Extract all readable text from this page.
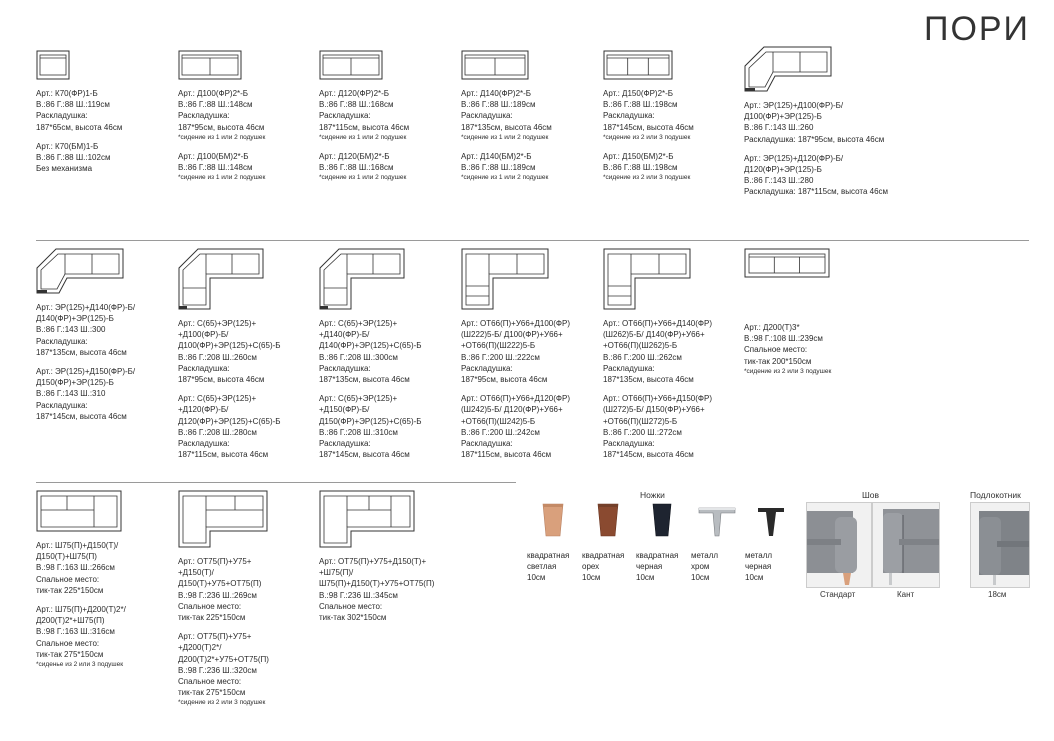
ПОРИ
Арт.: К70(ФР)1-Б
В.:86 Г.:88 Ш.:119см
Раскладушка:
187*65см, высота 46см
Арт.: К70(БМ)1-Б
В.:86 Г.:88 Ш.:102см
Без механизма
Арт.: Д100(ФР)2*-Б
В.:86 Г.:88 Ш.:148см
Раскладушка:
187*95см, высота 46см
*сидение из 1 или 2 подушек
Арт.: Д100(БМ)2*-Б
В.:86 Г.:88 Ш.:148см
*сидение из 1 или 2 подушек
Арт.: Д120(ФР)2*-Б
В.:86 Г.:88 Ш.:168см
Раскладушка:
187*115см, высота 46см
*сидение из 1 или 2 подушек
Арт.: Д120(БМ)2*-Б
В.:86 Г.:88 Ш.:168см
*сидение из 1 или 2 подушек
Арт.: Д140(ФР)2*-Б
В.:86 Г.:88 Ш.:189см
Раскладушка:
187*135см, высота 46см
*сидение из 1 или 2 подушек
Арт.: Д140(БМ)2*-Б
В.:86 Г.:88 Ш.:189см
*сидение из 1 или 2 подушек
Арт.: Д150(ФР)2*-Б
В.:86 Г.:88 Ш.:198см
Раскладушка:
187*145см, высота 46см
*сидение из 2 или 3 подушек
Арт.: Д150(БМ)2*-Б
В.:86 Г.:88 Ш.:198см
*сидение из 2 или 3 подушек
Арт.: ЭР(125)+Д100(ФР)-Б/
Д100(ФР)+ЭР(125)-Б
В.:86 Г.:143 Ш.:260
Раскладушка: 187*95см, высота 46см
Арт.: ЭР(125)+Д120(ФР)-Б/
Д120(ФР)+ЭР(125)-Б
В.:86 Г.:143 Ш.:280
Раскладушка: 187*115см, высота 46см
Арт.: ЭР(125)+Д140(ФР)-Б/
Д140(ФР)+ЭР(125)-Б
В.:86 Г.:143 Ш.:300
Раскладушка:
187*135см, высота 46см
Арт.: ЭР(125)+Д150(ФР)-Б/
Д150(ФР)+ЭР(125)-Б
В.:86 Г.:143 Ш.:310
Раскладушка:
187*145см, высота 46см
Арт.: С(65)+ЭР(125)+
+Д100(ФР)-Б/
Д100(ФР)+ЭР(125)+С(65)-Б
В.:86 Г.:208 Ш.:260см
Раскладушка:
187*95см, высота 46см
Арт.: С(65)+ЭР(125)+
+Д120(ФР)-Б/
Д120(ФР)+ЭР(125)+С(65)-Б
В.:86 Г.:208 Ш.:280см
Раскладушка:
187*115см, высота 46см
Арт.: С(65)+ЭР(125)+
+Д140(ФР)-Б/
Д140(ФР)+ЭР(125)+С(65)-Б
В.:86 Г.:208 Ш.:300см
Раскладушка:
187*135см, высота 46см
Арт.: С(65)+ЭР(125)+
+Д150(ФР)-Б/
Д150(ФР)+ЭР(125)+С(65)-Б
В.:86 Г.:208 Ш.:310см
Раскладушка:
187*145см, высота 46см
Арт.: ОТ66(П)+У66+Д100(ФР)
(Ш222)5-Б/ Д100(ФР)+У66+
+ОТ66(П)(Ш222)5-Б
В.:86 Г.:200 Ш.:222см
Раскладушка:
187*95см, высота 46см
Арт.: ОТ66(П)+У66+Д120(ФР)
(Ш242)5-Б/ Д120(ФР)+У66+
+ОТ66(П)(Ш242)5-Б
В.:86 Г.:200 Ш.:242см
Раскладушка:
187*115см, высота 46см
Арт.: ОТ66(П)+У66+Д140(ФР)
(Ш262)5-Б/ Д140(ФР)+У66+
+ОТ66(П)(Ш262)5-Б
В.:86 Г.:200 Ш.:262см
Раскладушка:
187*135см, высота 46см
Арт.: ОТ66(П)+У66+Д150(ФР)
(Ш272)5-Б/ Д150(ФР)+У66+
+ОТ66(П)(Ш272)5-Б
В.:86 Г.:200 Ш.:272см
Раскладушка:
187*145см, высота 46см
Арт.: Д200(Т)3*
В.:98 Г.:108 Ш.:239см
Спальное место:
тик-так 200*150см
*сидение из 2 или 3 подушек
Арт.: Ш75(П)+Д150(Т)/
Д150(Т)+Ш75(П)
В.:98 Г.:163 Ш.:266см
Спальное место:
тик-так 225*150см
Арт.: Ш75(П)+Д200(Т)2*/
Д200(Т)2*+Ш75(П)
В.:98 Г.:163 Ш.:316см
Спальное место:
тик-так 275*150см
*сиденье из 2 или 3 подушек
Арт.: ОТ75(П)+У75+
+Д150(Т)/
Д150(Т)+У75+ОТ75(П)
В.:98 Г.:236 Ш.:269см
Спальное место:
тик-так 225*150см
Арт.: ОТ75(П)+У75+
+Д200(Т)2*/
Д200(Т)2*+У75+ОТ75(П)
В.:98 Г.:236 Ш.:320см
Спальное место:
тик-так 275*150см
*сидение из 2 или 3 подушек
Арт.: ОТ75(П)+У75+Д150(Т)+
+Ш75(П)/
Ш75(П)+Д150(Т)+У75+ОТ75(П)
В.:98 Г.:236 Ш.:345см
Спальное место:
тик-так 302*150см
Ножки
квадратная
светлая
10см
квадратная
орех
10см
квадратная
черная
10см
металл
хром
10см
металл
черная
10см
Шов
Стандарт	Кант
Подлокотник
18см
